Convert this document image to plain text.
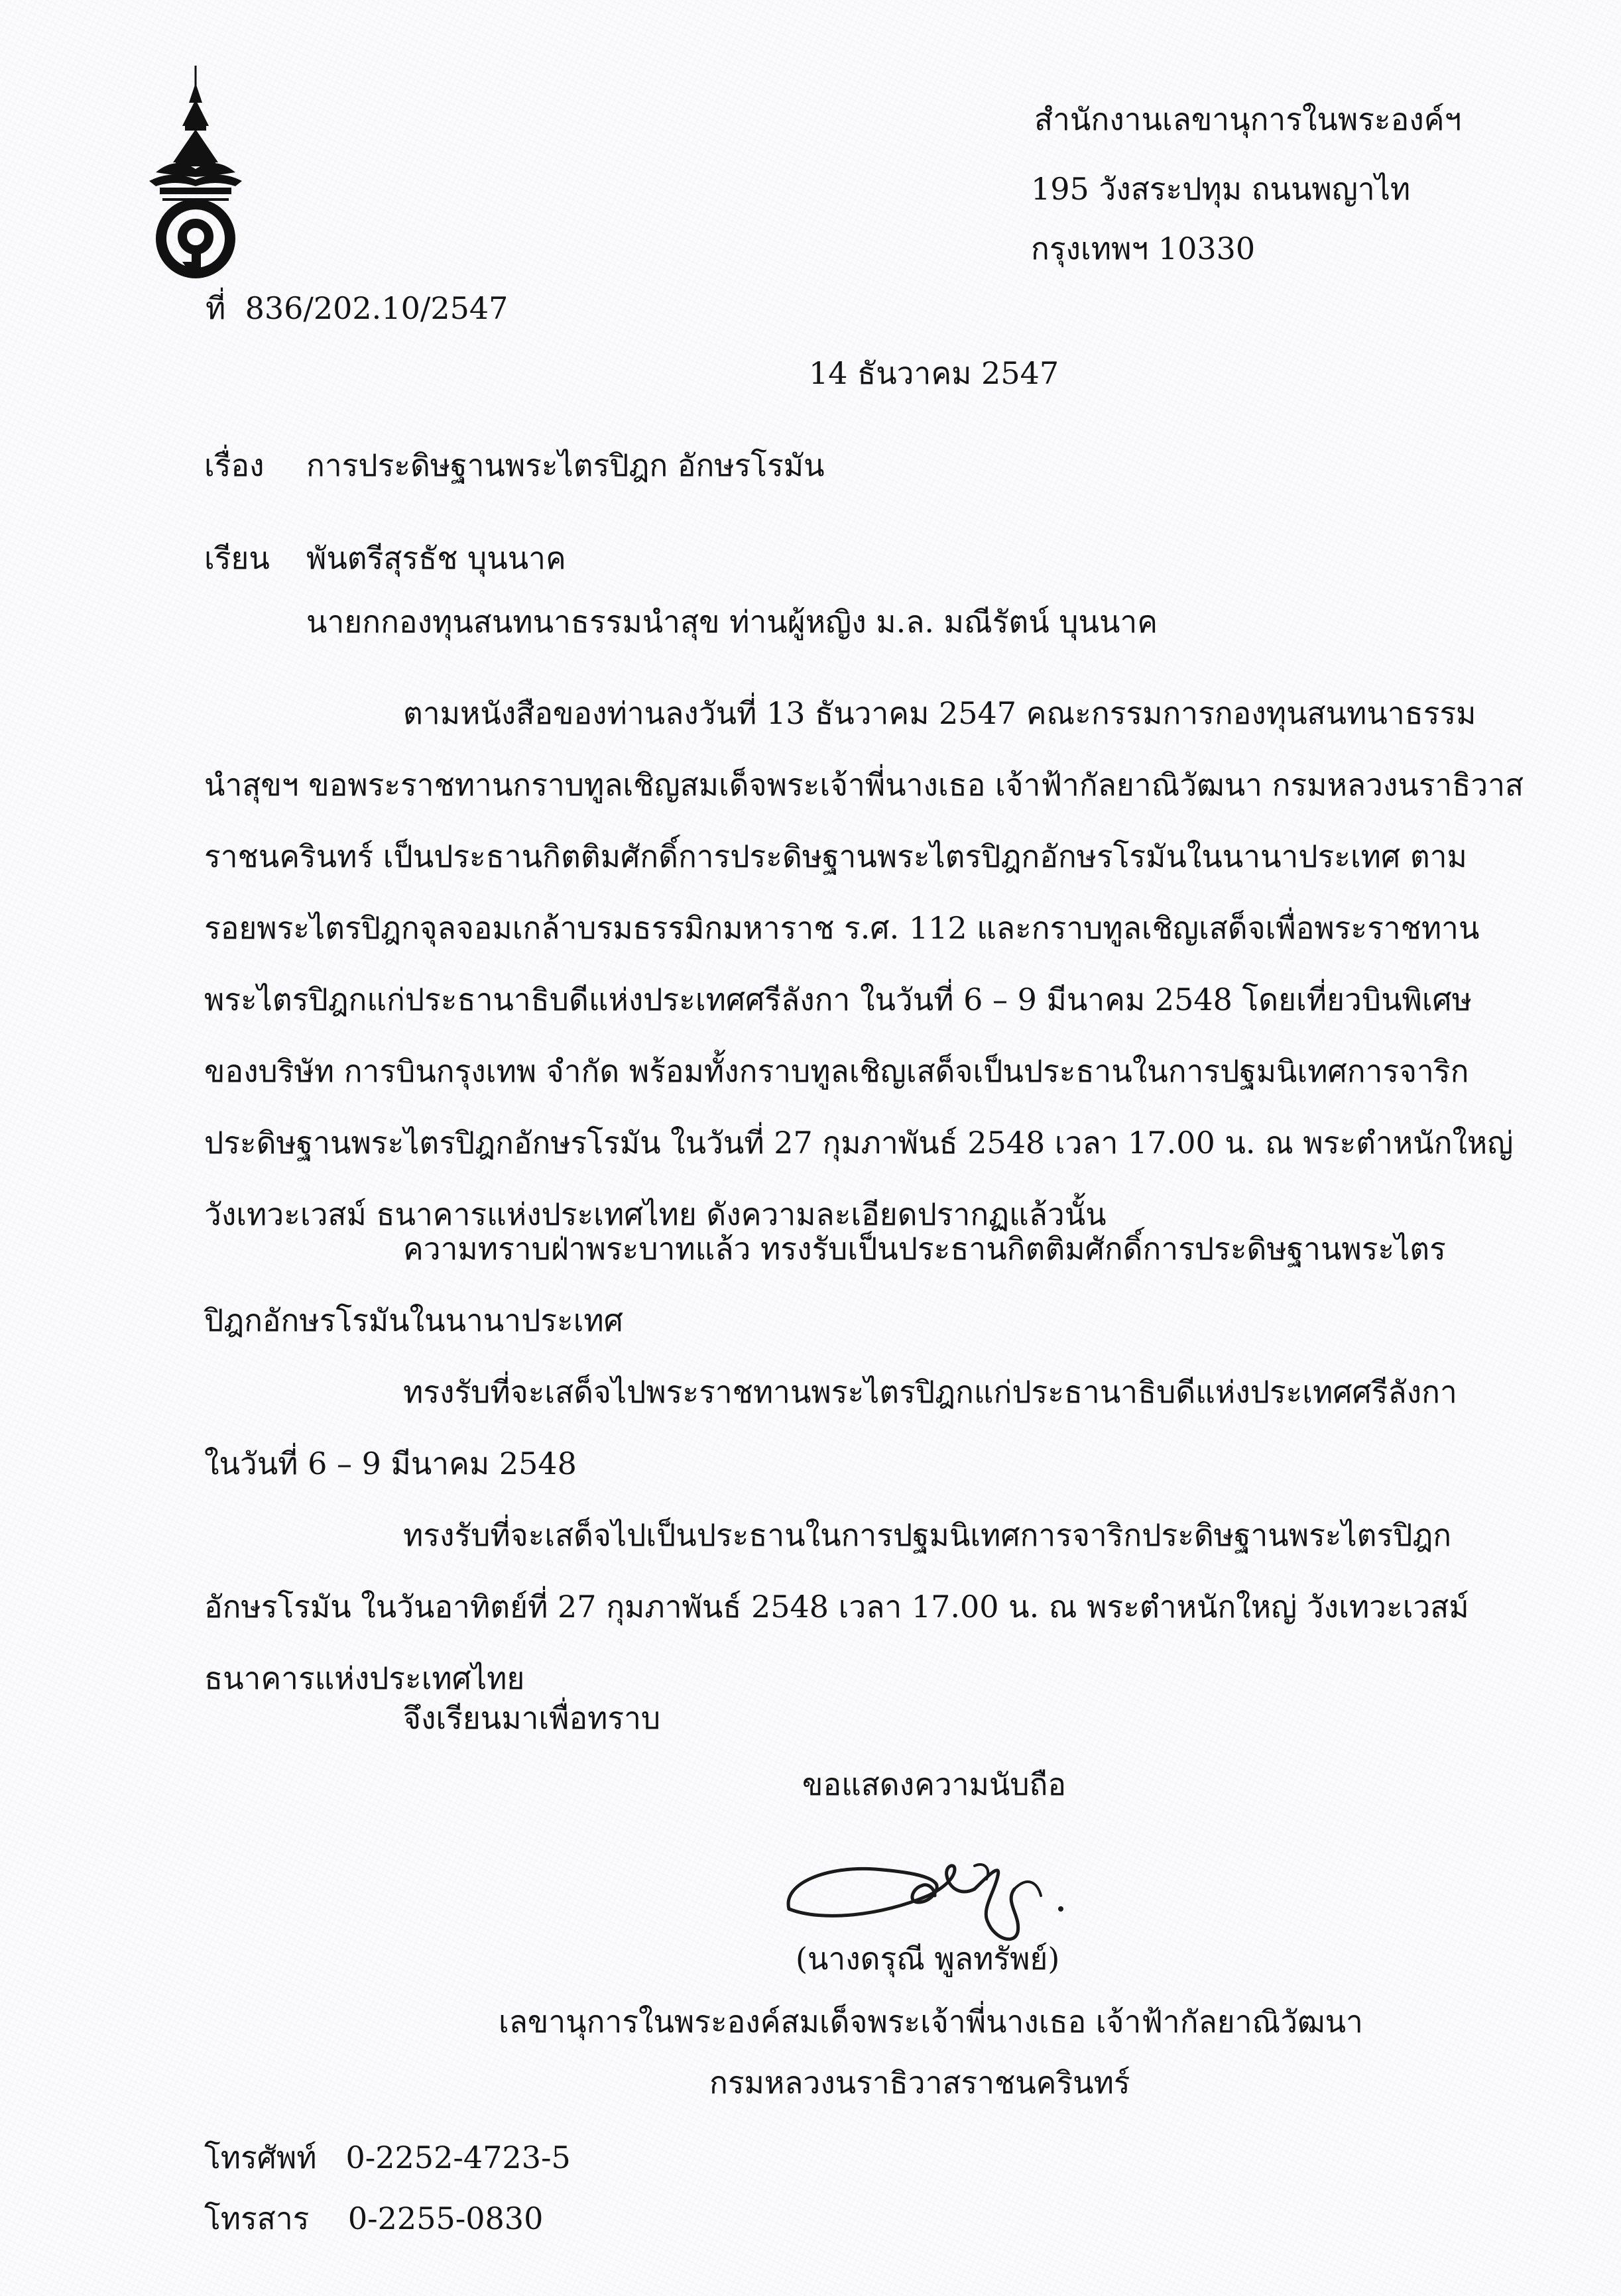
สำนักงานเลขานุการในพระองค์ฯ
195 วังสระปทุม ถนนพญาไท
กรุงเทพฯ 10330
ที่ 836/202.10/2547
14 ธันวาคม 2547
เรื่อง การประดิษฐานพระไตรปิฎก อักษรโรมัน
เรียน พันตรีสุรธัช บุนนาค
นายกกองทุนสนทนาธรรมนำสุข ท่านผู้หญิง ม.ล. มณีรัตน์ บุนนาค
ตามหนังสือของท่านลงวันที่ 13 ธันวาคม 2547 คณะกรรมการกองทุนสนทนาธรรม
นำสุขฯ ขอพระราชทานกราบทูลเชิญสมเด็จพระเจ้าพี่นางเธอ เจ้าฟ้ากัลยาณิวัฒนา กรมหลวงนราธิวาส
ราชนครินทร์ เป็นประธานกิตติมศักดิ์การประดิษฐานพระไตรปิฎกอักษรโรมันในนานาประเทศ ตาม
รอยพระไตรปิฎกจุลจอมเกล้าบรมธรรมิกมหาราช ร.ศ. 112 และกราบทูลเชิญเสด็จเพื่อพระราชทาน
พระไตรปิฎกแก่ประธานาธิบดีแห่งประเทศศรีลังกา ในวันที่ 6 – 9 มีนาคม 2548 โดยเที่ยวบินพิเศษ
ของบริษัท การบินกรุงเทพ จำกัด พร้อมทั้งกราบทูลเชิญเสด็จเป็นประธานในการปฐมนิเทศการจาริก
ประดิษฐานพระไตรปิฎกอักษรโรมัน ในวันที่ 27 กุมภาพันธ์ 2548 เวลา 17.00 น. ณ พระตำหนักใหญ่
วังเทวะเวสม์ ธนาคารแห่งประเทศไทย ดังความละเอียดปรากฏแล้วนั้น
ความทราบฝ่าพระบาทแล้ว ทรงรับเป็นประธานกิตติมศักดิ์การประดิษฐานพระไตร
ปิฎกอักษรโรมันในนานาประเทศ
ทรงรับที่จะเสด็จไปพระราชทานพระไตรปิฎกแก่ประธานาธิบดีแห่งประเทศศรีลังกา
ในวันที่ 6 – 9 มีนาคม 2548
ทรงรับที่จะเสด็จไปเป็นประธานในการปฐมนิเทศการจาริกประดิษฐานพระไตรปิฎก
อักษรโรมัน ในวันอาทิตย์ที่ 27 กุมภาพันธ์ 2548 เวลา 17.00 น. ณ พระตำหนักใหญ่ วังเทวะเวสม์
ธนาคารแห่งประเทศไทย
จึงเรียนมาเพื่อทราบ
ขอแสดงความนับถือ
(นางดรุณี พูลทรัพย์)
เลขานุการในพระองค์สมเด็จพระเจ้าพี่นางเธอ เจ้าฟ้ากัลยาณิวัฒนา
กรมหลวงนราธิวาสราชนครินทร์
โทรศัพท์ 0-2252-4723-5
โทรสาร 0-2255-0830
